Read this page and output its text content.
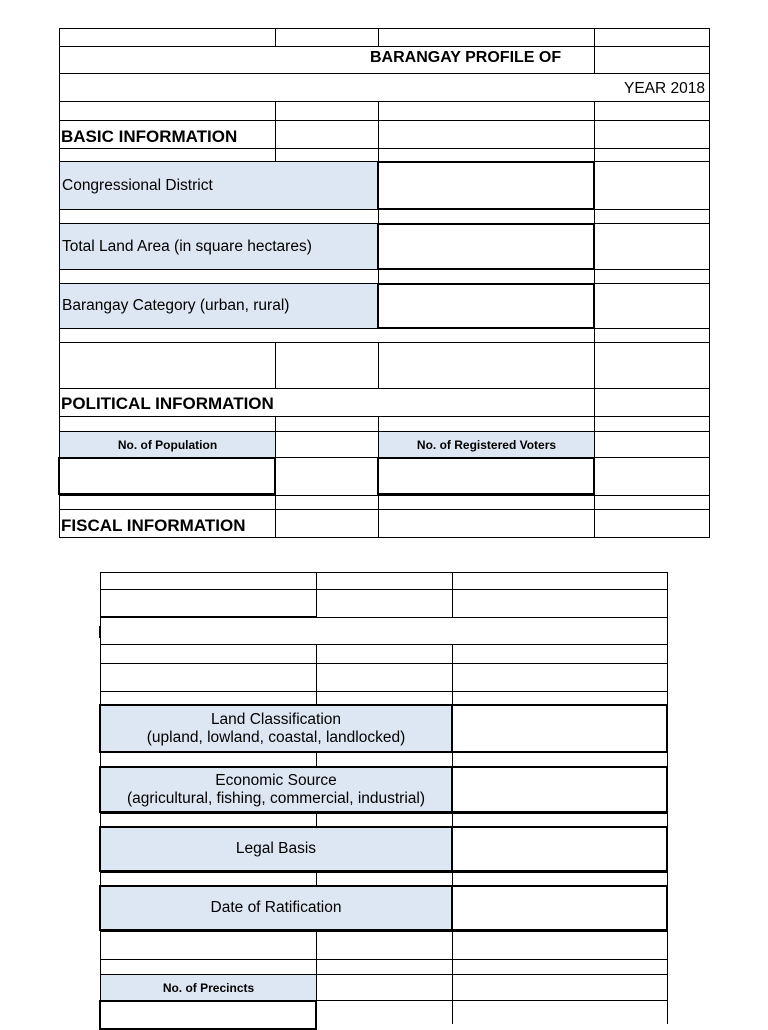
BARANGAY PROFILE OF
YEAR 2018
BASIC INFORMATION
Congressional District
Total Land Area (in square hectares)
Barangay Category (urban, rural)
POLITICAL INFORMATION
No. of Population	No. of Registered Voters
FISCAL INFORMATION
Land Classification
(upland, lowland, coastal, landlocked)
Economic Source
(agricultural, fishing, commercial, industrial)
Legal Basis
Date of Ratification
No. of Precincts
